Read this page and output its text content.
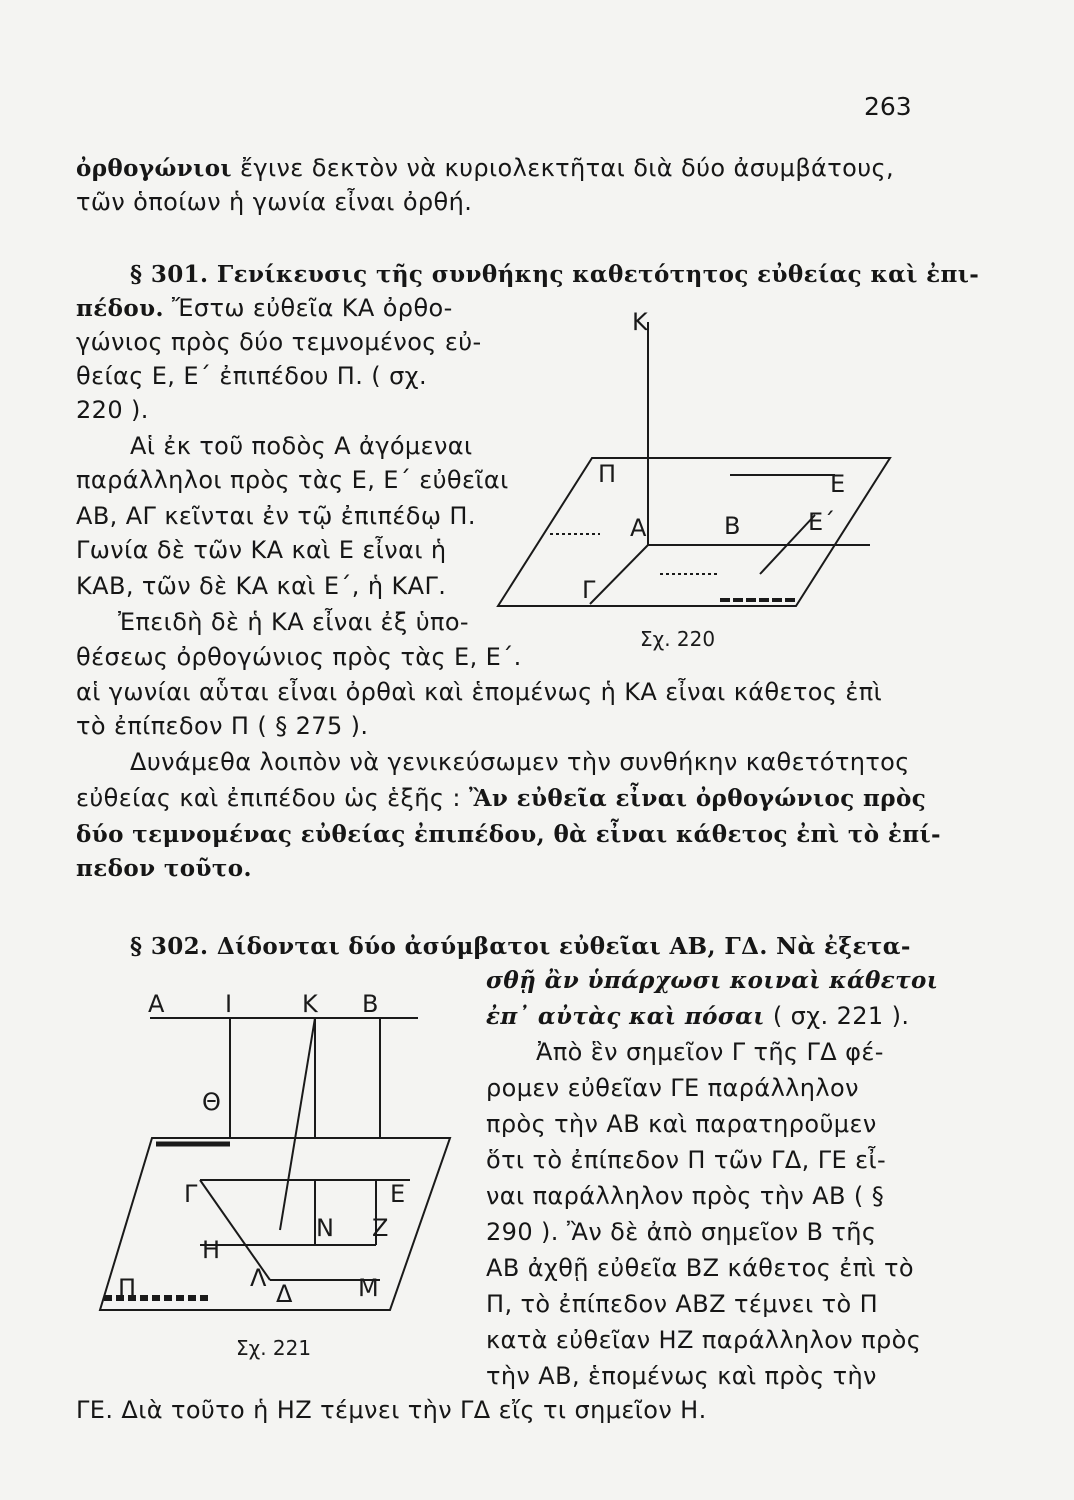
263
ὀρθογώνιοι ἔγινε δεκτὸν νὰ κυριολεκτῆται διὰ δύο ἀσυμβάτους,
τῶν ὁποίων ἡ γωνία εἶναι ὀρθή.
§ 301. Γενίκευσις τῆς συνθήκης καθετότητος εὐθείας καὶ ἐπι-
πέδου. Ἔστω εὐθεῖα ΚΑ ὀρθο-
γώνιος πρὸς δύο τεμνομένος εὐ-
θείας Ε, Ε΄ ἐπιπέδου Π. ( σχ.
220 ).
Αἱ ἐκ τοῦ ποδὸς Α ἀγόμεναι
παράλληλοι πρὸς τὰς Ε, Ε΄ εὐθεῖαι
ΑΒ, ΑΓ κεῖνται ἐν τῷ ἐπιπέδῳ Π.
Γωνία δὲ τῶν ΚΑ καὶ Ε εἶναι ἡ
ΚΑΒ, τῶν δὲ ΚΑ καὶ Ε΄, ἡ ΚΑΓ.
Ἐπειδὴ δὲ ἡ ΚΑ εἶναι ἐξ ὑπο-
θέσεως ὀρθογώνιος πρὸς τὰς Ε, Ε΄.
αἱ γωνίαι αὗται εἶναι ὀρθαὶ καὶ ἑπομένως ἡ ΚΑ εἶναι κάθετος ἐπὶ
τὸ ἐπίπεδον Π ( § 275 ).
Δυνάμεθα λοιπὸν νὰ γενικεύσωμεν τὴν συνθήκην καθετότητος
εὐθείας καὶ ἐπιπέδου ὡς ἑξῆς : Ἂν εὐθεῖα εἶναι ὀρθογώνιος πρὸς
δύο τεμνομένας εὐθείας ἐπιπέδου, θὰ εἶναι κάθετος ἐπὶ τὸ ἐπί-
πεδον τοῦτο.
§ 302. Δίδονται δύο ἀσύμβατοι εὐθεῖαι ΑΒ, ΓΔ. Νὰ ἐξετα-
σθῇ ἂν ὑπάρχωσι κοιναὶ κάθετοι
ἐπ᾽ αὐτὰς καὶ πόσαι ( σχ. 221 ).
Ἀπὸ ἓν σημεῖον Γ τῆς ΓΔ φέ-
ρομεν εὐθεῖαν ΓΕ παράλληλον
πρὸς τὴν ΑΒ καὶ παρατηροῦμεν
ὅτι τὸ ἐπίπεδον Π τῶν ΓΔ, ΓΕ εἶ-
ναι παράλληλον πρὸς τὴν ΑΒ ( §
290 ). Ἂν δὲ ἀπὸ σημεῖον Β τῆς
ΑΒ ἀχθῇ εὐθεῖα ΒΖ κάθετος ἐπὶ τὸ
Π, τὸ ἐπίπεδον ΑΒΖ τέμνει τὸ Π
κατὰ εὐθεῖαν ΗΖ παράλληλον πρὸς
τὴν ΑΒ, ἑπομένως καὶ πρὸς τὴν
ΓΕ. Διὰ τοῦτο ἡ ΗΖ τέμνει τὴν ΓΔ εἴς τι σημεῖον Η.
Κ
Π
Α	Β
Ε
Ε΄
Γ
Σχ. 220
Α	Ι	Κ Β
Θ
Γ	Ε
Ν Ζ
Η
Λ
Δ	Μ
Π
Σχ. 221
